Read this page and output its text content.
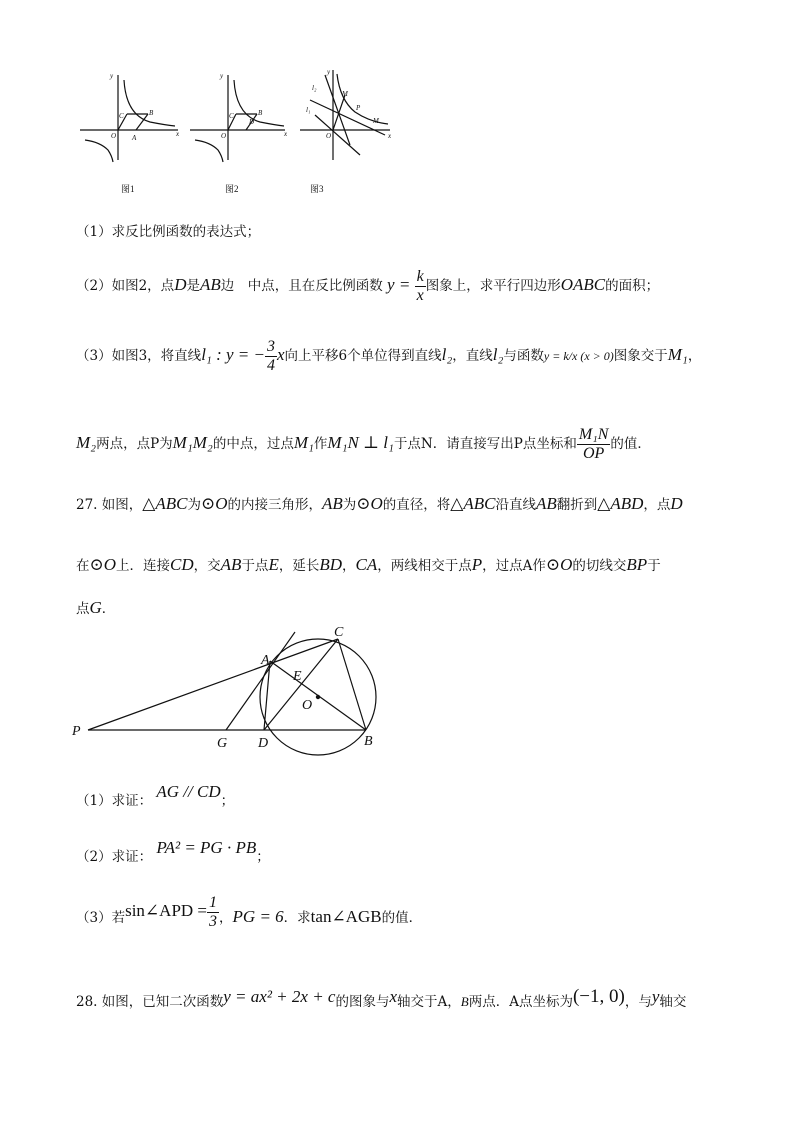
y
C	B
O A	x
y
C	B
D
O	x
y
l₂
l₁
M
P
M
O	x
图1	图2	图3
（1）求反比例函数的表达式；
（2）如图2，点D是AB边　中点，且在反比例函数 $y = \frac{k}{x}$ 图象上，求平行四边形OABC的面积；
（3）如图3，将直线l₁ : y = − $\frac{3}{4}$ x向上平移6个单位得到直线l₂，直线l₂与函数y = k/x (x > 0)图象交于M₁，
M₂两点，点P为M₁M₂的中点，过点M₁作M₁N ⊥ l₁于点N．请直接写出P点坐标和 $\frac{\text{M₁N}}{OP}$ 的值．
27. 如图，△ABC为⊙O的内接三角形，AB为⊙O的直径，将△ABC沿直线AB翻折到△ABD，点D
在⊙O上．连接CD，交AB于点E，延长BD，CA，两线相交于点P，过点A作⊙O的切线交BP于
点G．
P
A
C
E
O
G D	B
（1）求证： AG // CD；
（2）求证： PA² = PG · PB；
（3）若sin∠APD = $\frac{1}{3}$ ，PG = 6．求tan∠AGB的值．
28. 如图，已知二次函数y = ax² + 2x + c的图象与x轴交于A，B两点．A点坐标为(−1, 0)，与y轴交
